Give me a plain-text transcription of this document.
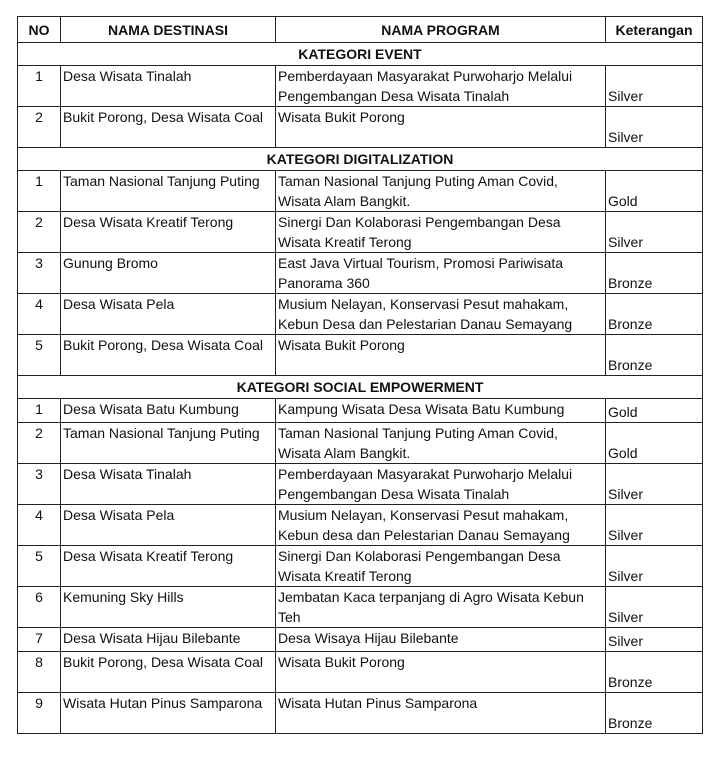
NO	NAMA DESTINASI	NAMA PROGRAM	Keterangan
KATEGORI EVENT			
1	Desa Wisata Tinalah	Pemberdayaan Masyarakat Purwoharjo Melalui Pengembangan Desa Wisata Tinalah	Silver
2	Bukit Porong, Desa Wisata Coal	Wisata Bukit Porong	Silver
KATEGORI DIGITALIZATION			
1	Taman Nasional Tanjung Puting	Taman Nasional Tanjung Puting Aman Covid, Wisata Alam Bangkit.	Gold
2	Desa Wisata Kreatif Terong	Sinergi Dan Kolaborasi Pengembangan Desa Wisata Kreatif Terong	Silver
3	Gunung Bromo	East Java Virtual Tourism, Promosi Pariwisata Panorama 360	Bronze
4	Desa Wisata Pela	Musium Nelayan, Konservasi Pesut mahakam, Kebun Desa dan Pelestarian Danau Semayang	Bronze
5	Bukit Porong, Desa Wisata Coal	Wisata Bukit Porong	Bronze
KATEGORI SOCIAL EMPOWERMENT			
1	Desa Wisata Batu Kumbung	Kampung Wisata Desa Wisata Batu Kumbung	Gold
2	Taman Nasional Tanjung Puting	Taman Nasional Tanjung Puting Aman Covid, Wisata Alam Bangkit.	Gold
3	Desa Wisata Tinalah	Pemberdayaan Masyarakat Purwoharjo Melalui Pengembangan Desa Wisata Tinalah	Silver
4	Desa Wisata Pela	Musium Nelayan, Konservasi Pesut mahakam, Kebun desa dan Pelestarian Danau Semayang	Silver
5	Desa Wisata Kreatif Terong	Sinergi Dan Kolaborasi Pengembangan Desa Wisata Kreatif Terong	Silver
6	Kemuning Sky Hills	Jembatan Kaca terpanjang di Agro Wisata Kebun Teh	Silver
7	Desa Wisata Hijau Bilebante	Desa Wisaya Hijau Bilebante	Silver
8	Bukit Porong, Desa Wisata Coal	Wisata Bukit Porong	Bronze
9	Wisata Hutan Pinus Samparona	Wisata Hutan Pinus Samparona	Bronze
